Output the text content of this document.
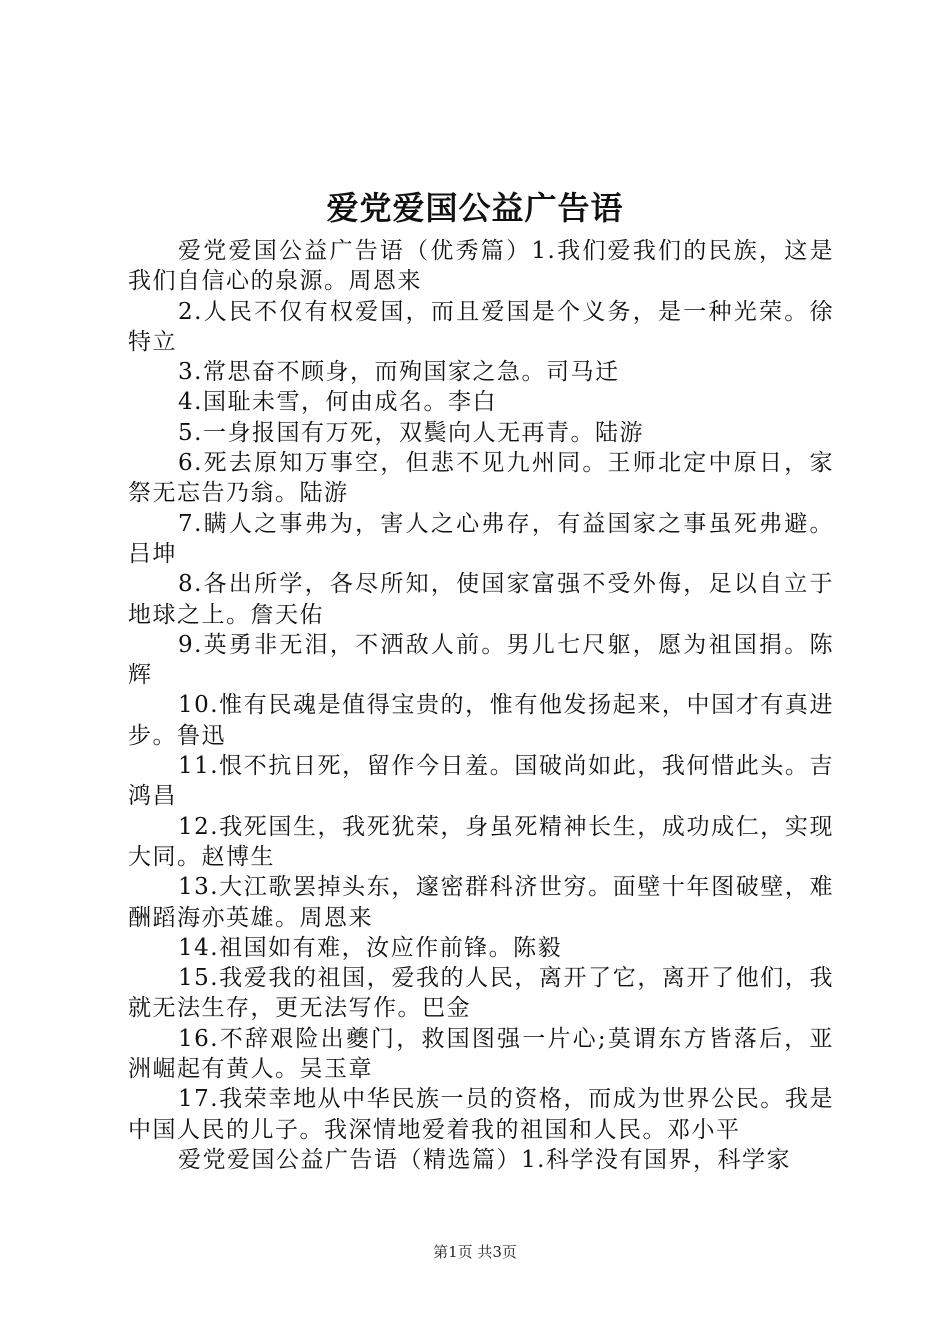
爱党爱国公益广告语

爱党爱国公益广告语（优秀篇）1.我们爱我们的民族，这是我们自信心的泉源。周恩来

2.人民不仅有权爱国，而且爱国是个义务，是一种光荣。徐特立

3.常思奋不顾身，而殉国家之急。司马迁

4.国耻未雪，何由成名。李白

5.一身报国有万死，双鬓向人无再青。陆游

6.死去原知万事空，但悲不见九州同。王师北定中原日，家祭无忘告乃翁。陆游

7.瞒人之事弗为，害人之心弗存，有益国家之事虽死弗避。吕坤

8.各出所学，各尽所知，使国家富强不受外侮，足以自立于地球之上。詹天佑

9.英勇非无泪，不洒敌人前。男儿七尺躯，愿为祖国捐。陈辉

10.惟有民魂是值得宝贵的，惟有他发扬起来，中国才有真进步。鲁迅

11.恨不抗日死，留作今日羞。国破尚如此，我何惜此头。吉鸿昌

12.我死国生，我死犹荣，身虽死精神长生，成功成仁，实现大同。赵博生

13.大江歌罢掉头东，邃密群科济世穷。面壁十年图破壁，难酬蹈海亦英雄。周恩来

14.祖国如有难，汝应作前锋。陈毅

15.我爱我的祖国，爱我的人民，离开了它，离开了他们，我就无法生存，更无法写作。巴金

16.不辞艰险出夔门，救国图强一片心;莫谓东方皆落后，亚洲崛起有黄人。吴玉章

17.我荣幸地从中华民族一员的资格，而成为世界公民。我是中国人民的儿子。我深情地爱着我的祖国和人民。邓小平

爱党爱国公益广告语（精选篇）1.科学没有国界，科学家

第1页 共3页
